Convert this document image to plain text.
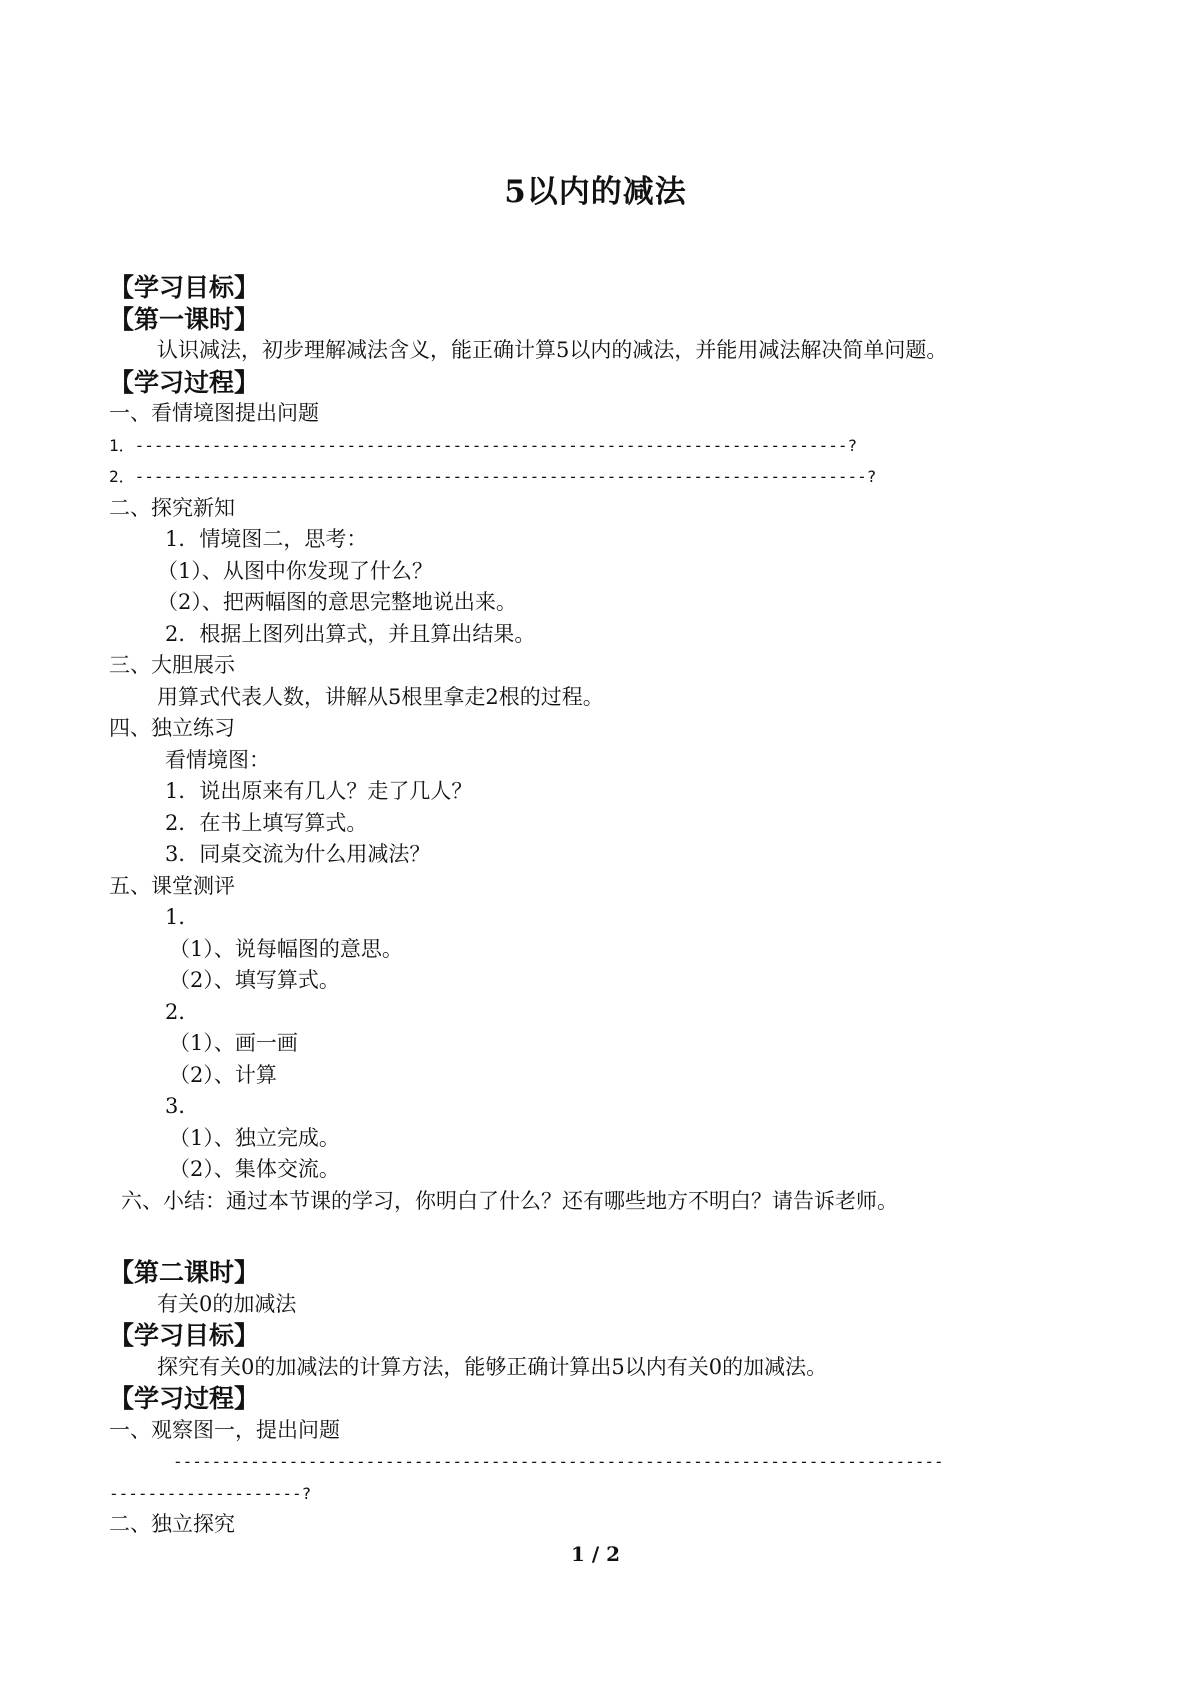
5以内的减法
【学习目标】
【第一课时】
认识减法，初步理解减法含义，能正确计算5以内的减法，并能用减法解决简单问题。
【学习过程】
一、看情境图提出问题
1．--------------------------------------------------------------------------?
2．----------------------------------------------------------------------------?
二、探究新知
1．情境图二，思考：
（1）、从图中你发现了什么？
（2）、把两幅图的意思完整地说出来。
2．根据上图列出算式，并且算出结果。
三、大胆展示
用算式代表人数，讲解从5根里拿走2根的过程。
四、独立练习
看情境图：
1．说出原来有几人？走了几人？
2．在书上填写算式。
3．同桌交流为什么用减法？
五、课堂测评
1．
（1）、说每幅图的意思。
（2）、填写算式。
2．
（1）、画一画
（2）、计算
3．
（1）、独立完成。
（2）、集体交流。
六、小结：通过本节课的学习，你明白了什么？还有哪些地方不明白？请告诉老师。
【第二课时】
有关0的加减法
【学习目标】
探究有关0的加减法的计算方法，能够正确计算出5以内有关0的加减法。
【学习过程】
一、观察图一，提出问题
--------------------------------------------------------------------------------
--------------------?
二、独立探究
1 / 2
